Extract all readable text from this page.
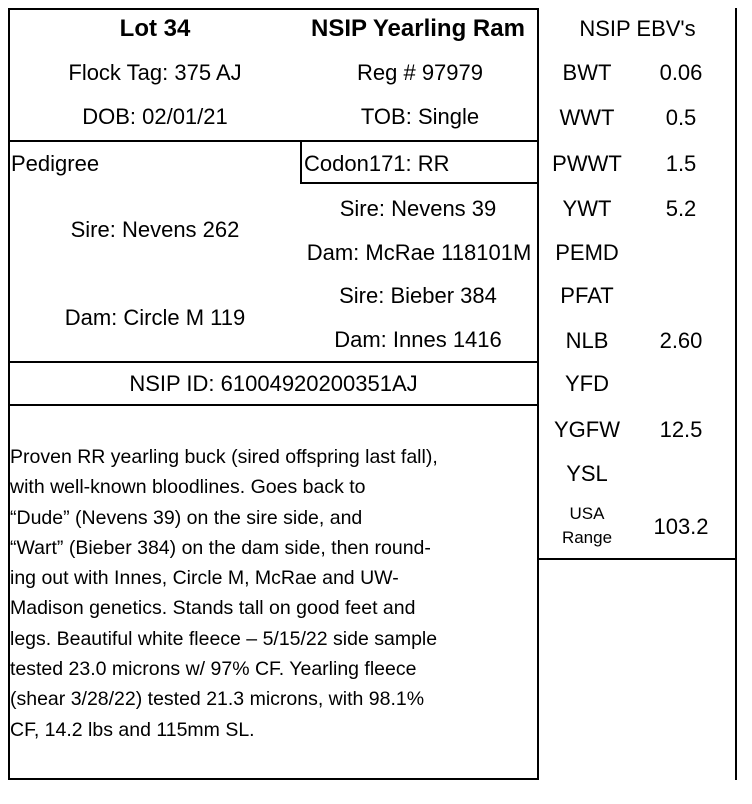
Lot 34	NSIP Yearling Ram
Flock Tag: 375 AJ	Reg # 97979
DOB: 02/01/21	TOB: Single
Pedigree	Codon171: RR
Sire: Nevens 262
Dam: Circle M 119
Sire: Nevens 39
Dam: McRae 118101M
Sire: Bieber 384
Dam: Innes 1416
NSIP ID: 61004920200351AJ
Proven RR yearling buck (sired offspring last fall),
with well-known bloodlines. Goes back to
“Dude” (Nevens 39) on the sire side, and
“Wart” (Bieber 384) on the dam side, then round-
ing out with Innes, Circle M, McRae and UW-
Madison genetics. Stands tall on good feet and
legs. Beautiful white fleece – 5/15/22 side sample
tested 23.0 microns w/ 97% CF. Yearling fleece
(shear 3/28/22) tested 21.3 microns, with 98.1%
CF, 14.2 lbs and 115mm SL.
NSIP EBV's
BWT	0.06
WWT	0.5
PWWT	1.5
YWT	5.2
PEMD
PFAT
NLB	2.60
YFD
YGFW	12.5
YSL
USA
Range	103.2
